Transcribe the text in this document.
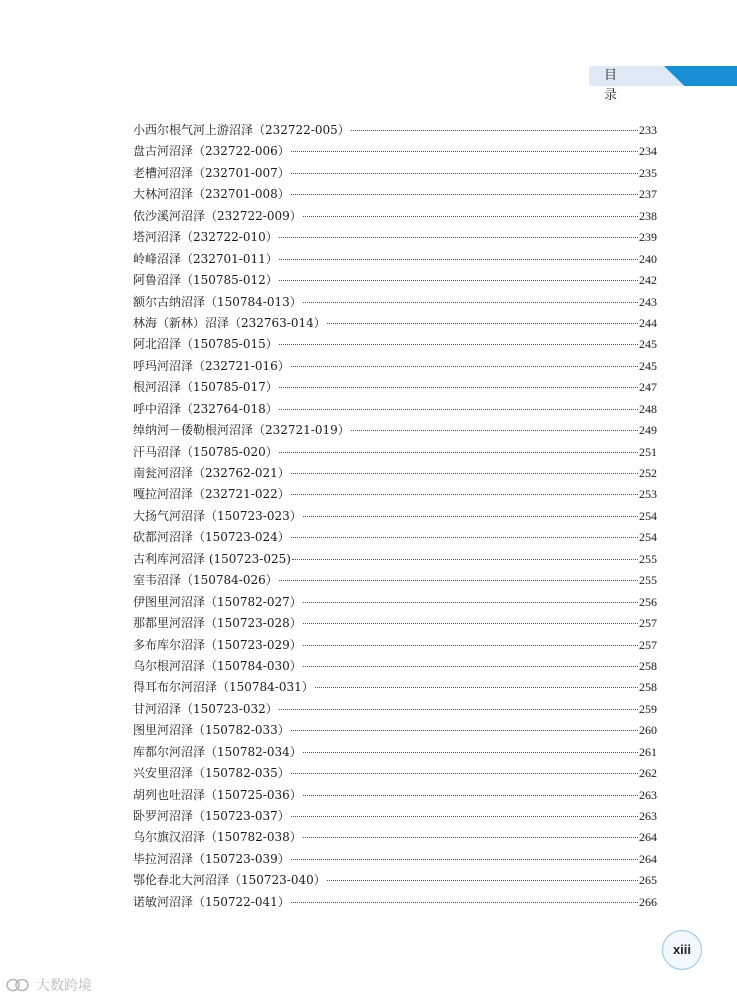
目 录
小西尔根气河上游沼泽（232722-005）	233
盘古河沼泽（232722-006）	234
老槽河沼泽（232701-007）	235
大林河沼泽（232701-008）	237
依沙溪河沼泽（232722-009）	238
塔河沼泽（232722-010）	239
岭峰沼泽（232701-011）	240
阿鲁沼泽（150785-012）	242
额尔古纳沼泽（150784-013）	243
林海（新林）沼泽（232763-014）	244
阿北沼泽（150785-015）	245
呼玛河沼泽（232721-016）	245
根河沼泽（150785-017）	247
呼中沼泽（232764-018）	248
绰纳河－倭勒根河沼泽（232721-019）	249
汗马沼泽（150785-020）	251
南瓮河沼泽（232762-021）	252
嘎拉河沼泽（232721-022）	253
大扬气河沼泽（150723-023）	254
砍都河沼泽（150723-024）	254
古利库河沼泽 (150723-025)	255
室韦沼泽（150784-026）	255
伊图里河沼泽（150782-027）	256
那都里河沼泽（150723-028）	257
多布库尔沼泽（150723-029）	257
乌尔根河沼泽（150784-030）	258
得耳布尔河沼泽（150784-031）	258
甘河沼泽（150723-032）	259
图里河沼泽（150782-033）	260
库都尔河沼泽（150782-034）	261
兴安里沼泽（150782-035）	262
胡列也吐沼泽（150725-036）	263
卧罗河沼泽（150723-037）	263
乌尔旗汉沼泽（150782-038）	264
毕拉河沼泽（150723-039）	264
鄂伦春北大河沼泽（150723-040）	265
诺敏河沼泽（150722-041）	266
xiii
大数跨境
